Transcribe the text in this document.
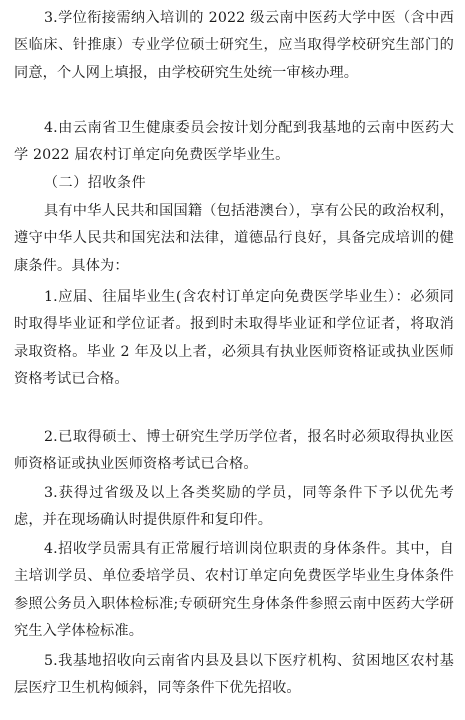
3.学位衔接需纳入培训的 2022 级云南中医药大学中医（含中西医临床、针推康）专业学位硕士研究生，应当取得学校研究生部门的同意，个人网上填报，由学校研究生处统一审核办理。

4.由云南省卫生健康委员会按计划分配到我基地的云南中医药大学 2022 届农村订单定向免费医学毕业生。

（二）招收条件

具有中华人民共和国国籍（包括港澳台），享有公民的政治权利，遵守中华人民共和国宪法和法律，道德品行良好，具备完成培训的健康条件。具体为：

1.应届、往届毕业生(含农村订单定向免费医学毕业生）：必须同时取得毕业证和学位证者。报到时未取得毕业证和学位证者，将取消录取资格。毕业 2 年及以上者，必须具有执业医师资格证或执业医师资格考试已合格。

2.已取得硕士、博士研究生学历学位者，报名时必须取得执业医师资格证或执业医师资格考试已合格。

3.获得过省级及以上各类奖励的学员，同等条件下予以优先考虑，并在现场确认时提供原件和复印件。

4.招收学员需具有正常履行培训岗位职责的身体条件。其中，自主培训学员、单位委培学员、农村订单定向免费医学毕业生身体条件参照公务员入职体检标准;专硕研究生身体条件参照云南中医药大学研究生入学体检标准。

5.我基地招收向云南省内县及县以下医疗机构、贫困地区农村基层医疗卫生机构倾斜，同等条件下优先招收。
